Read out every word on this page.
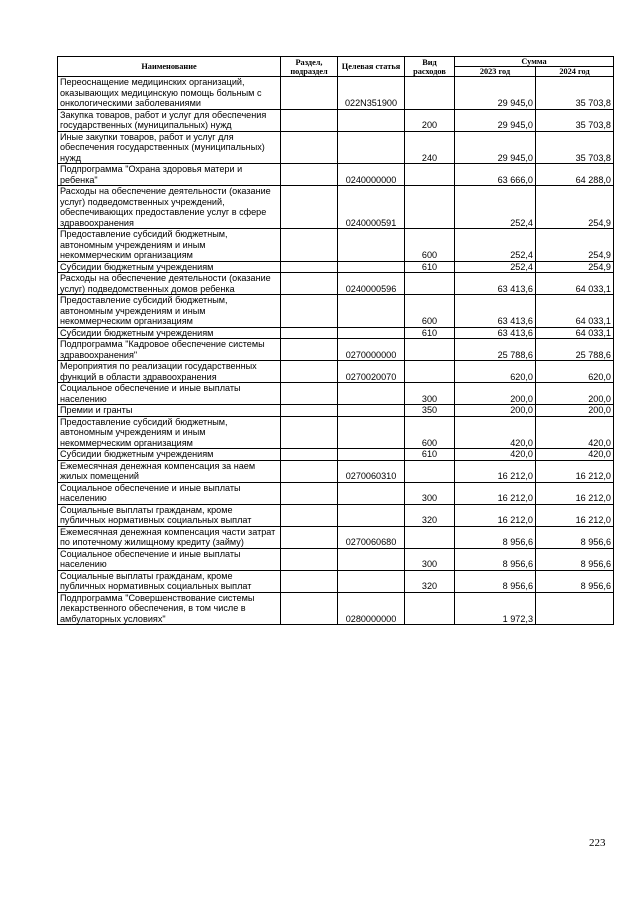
Наименование	Раздел, подраздел	Целевая статья	Вид расходов	Сумма	
				2023 год	2024 год
Переоснащение медицинских организаций, оказывающих медицинскую помощь больным с онкологическими заболеваниями		022N351900		29 945,0	35 703,8
Закупка товаров, работ и услуг для обеспечения государственных (муниципальных) нужд			200	29 945,0	35 703,8
Иные закупки товаров, работ и услуг для обеспечения государственных (муниципальных) нужд			240	29 945,0	35 703,8
Подпрограмма "Охрана здоровья матери и ребенка"		0240000000		63 666,0	64 288,0
Расходы на обеспечение деятельности (оказание услуг) подведомственных учреждений, обеспечивающих предоставление услуг в сфере здравоохранения		0240000591		252,4	254,9
Предоставление субсидий бюджетным, автономным учреждениям и иным некоммерческим организациям			600	252,4	254,9
Субсидии бюджетным учреждениям			610	252,4	254,9
Расходы на обеспечение деятельности (оказание услуг) подведомственных домов ребенка		0240000596		63 413,6	64 033,1
Предоставление субсидий бюджетным, автономным учреждениям и иным некоммерческим организациям			600	63 413,6	64 033,1
Субсидии бюджетным учреждениям			610	63 413,6	64 033,1
Подпрограмма "Кадровое обеспечение системы здравоохранения"		0270000000		25 788,6	25 788,6
Мероприятия по реализации государственных функций в области здравоохранения		0270020070		620,0	620,0
Социальное обеспечение и иные выплаты населению			300	200,0	200,0
Премии и гранты			350	200,0	200,0
Предоставление субсидий бюджетным, автономным учреждениям и иным некоммерческим организациям			600	420,0	420,0
Субсидии бюджетным учреждениям			610	420,0	420,0
Ежемесячная денежная компенсация за наем жилых помещений		0270060310		16 212,0	16 212,0
Социальное обеспечение и иные выплаты населению			300	16 212,0	16 212,0
Социальные выплаты гражданам, кроме публичных нормативных социальных выплат			320	16 212,0	16 212,0
Ежемесячная денежная компенсация части затрат по ипотечному жилищному кредиту (займу)		0270060680		8 956,6	8 956,6
Социальное обеспечение и иные выплаты населению			300	8 956,6	8 956,6
Социальные выплаты гражданам, кроме публичных нормативных социальных выплат			320	8 956,6	8 956,6
Подпрограмма "Совершенствование системы лекарственного обеспечения, в том числе в амбулаторных условиях"		0280000000		1 972,3	
223
